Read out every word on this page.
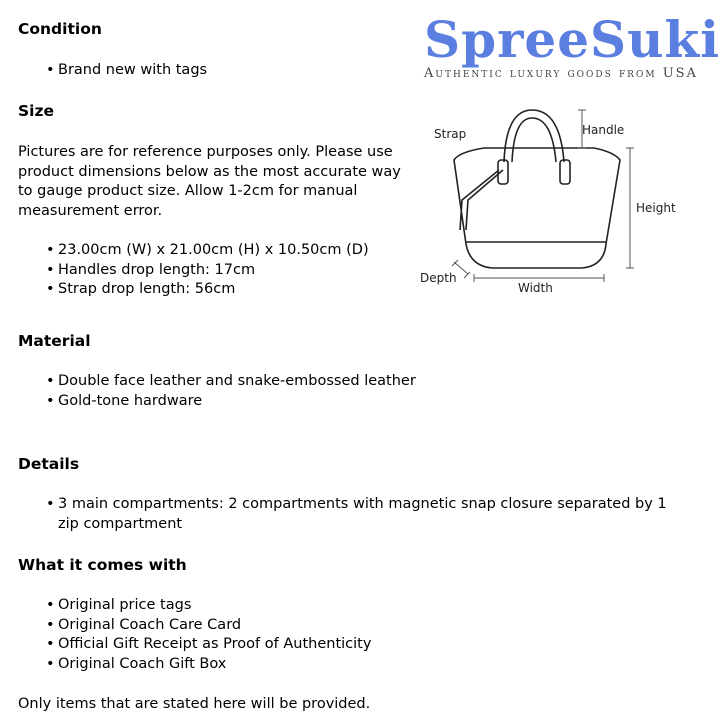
Condition
• Brand new with tags
Size

Pictures are for reference purposes only. Please use product dimensions below as the most accurate way to gauge product size. Allow 1-2cm for manual measurement error.

• 23.00cm (W) x 21.00cm (H) x 10.50cm (D)
• Handles drop length: 17cm
• Strap drop length: 56cm
Material
• Double face leather and snake-embossed leather
• Gold-tone hardware
Details
• 3 main compartments: 2 compartments with magnetic snap closure separated by 1 zip compartment
What it comes with
• Original price tags
• Original Coach Care Card
• Official Gift Receipt as Proof of Authenticity
• Original Coach Gift Box

Only items that are stated here will be provided.

SpreeSuki
Authentic luxury goods from USA
Strap	Handle
Height
Depth
Width
